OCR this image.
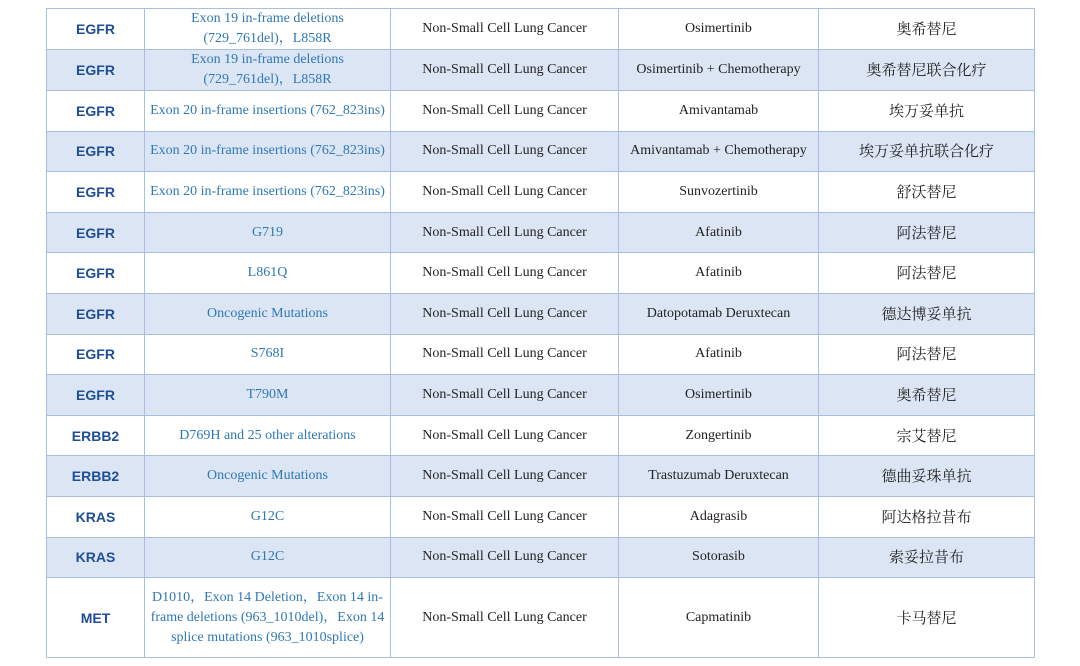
EGFR	Exon 19 in-frame deletions (729_761del)，L858R	Non-Small Cell Lung Cancer	Osimertinib	奥希替尼
EGFR	Exon 19 in-frame deletions (729_761del)，L858R	Non-Small Cell Lung Cancer	Osimertinib + Chemotherapy	奥希替尼联合化疗
EGFR	Exon 20 in-frame insertions (762_823ins)	Non-Small Cell Lung Cancer	Amivantamab	埃万妥单抗
EGFR	Exon 20 in-frame insertions (762_823ins)	Non-Small Cell Lung Cancer	Amivantamab + Chemotherapy	埃万妥单抗联合化疗
EGFR	Exon 20 in-frame insertions (762_823ins)	Non-Small Cell Lung Cancer	Sunvozertinib	舒沃替尼
EGFR	G719	Non-Small Cell Lung Cancer	Afatinib	阿法替尼
EGFR	L861Q	Non-Small Cell Lung Cancer	Afatinib	阿法替尼
EGFR	Oncogenic Mutations	Non-Small Cell Lung Cancer	Datopotamab Deruxtecan	德达博妥单抗
EGFR	S768I	Non-Small Cell Lung Cancer	Afatinib	阿法替尼
EGFR	T790M	Non-Small Cell Lung Cancer	Osimertinib	奥希替尼
ERBB2	D769H and 25 other alterations	Non-Small Cell Lung Cancer	Zongertinib	宗艾替尼
ERBB2	Oncogenic Mutations	Non-Small Cell Lung Cancer	Trastuzumab Deruxtecan	德曲妥珠单抗
KRAS	G12C	Non-Small Cell Lung Cancer	Adagrasib	阿达格拉昔布
KRAS	G12C	Non-Small Cell Lung Cancer	Sotorasib	索妥拉昔布
MET	D1010，Exon 14 Deletion，Exon 14 in-frame deletions (963_1010del)，Exon 14 splice mutations (963_1010splice)	Non-Small Cell Lung Cancer	Capmatinib	卡马替尼
